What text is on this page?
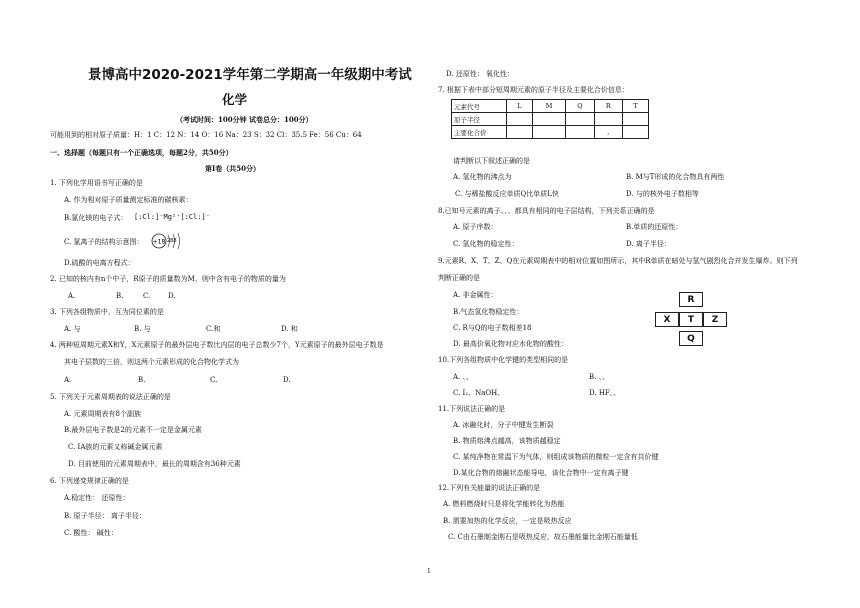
景博高中2020-2021学年第二学期高一年级期中考试
化学
（考试时间：100分钟 试卷总分：100分）
可能用到的相对原子质量：H：1 C：12 N：14 O：16 Na：23 S：32 Cl：35.5 Fe：56 Cu：64
一、选择题（每题只有一个正确选项，每题2分，共50分）
第Ⅰ卷（共50分）
1. 下列化学用语书写正确的是
A. 作为相对原子质量测定标准的碳核素：
B.氯化镁的电子式： [:Cl:]⁻Mg²⁺[:Cl:]⁻
C. 氯离子的结构示意图： +18 288
D.硫酸的电离方程式：
2. 已知的核内有n个中子，R原子的质量数为M，则中含有电子的物质的量为
A.	B.	C.	D.
3. 下列各组物质中，互为同位素的是
A. 与	B. 与	C.和	D. 和
4. 两种短周期元素X和Y，X元素原子的最外层电子数比内层的电子总数少7个，Y元素原子的最外层电子数是
其电子层数的三倍，则这两个元素形成的化合物化学式为
A.	B.	C.	D.
5. 下列关于元素周期表的说法正确的是
A. 元素周期表有8个副族
B.最外层电子数是2的元素不一定是金属元素
C. ⅠA族的元素又称碱金属元素
D. 目前使用的元素周期表中，最长的周期含有36种元素
6. 下列递变规律正确的是
A.稳定性： 还原性：
B. 原子半径： 离子半径：
C. 酸性： 碱性：
D. 还原性： 氧化性：
7. 根据下表中部分短周期元素的原子半径及主要化合价信息：
元素代号	L	M	Q	R	T
原子半径					
主要化合价				,	
请判断以下叙述正确的是
A. 氢化物的沸点为	B. M与T形成的化合物具有两性
C. 与稀盐酸反应单质Q比单质L快	D. 与的核外电子数相等
8.已知号元素的离子、、、都具有相同的电子层结构，下列关系正确的是
A. 原子序数：	B.单质的还原性：
C. 氢化物的稳定性：	D. 离子半径：
9.元素R、X、T、Z、Q在元素周期表中的相对位置如图所示，其中R单质在暗处与氢气剧烈化合并发生爆炸。则下列
判断正确的是
A. 非金属性：
B.气态氢化物稳定性：
C. R与Q的电子数相差18
D. 最高价氧化物对应水化物的酸性：
R
X	T	Z
Q
10.下列各组物质中化学键的类型相同的是
A. 、、	B. 、、
C. I₂、NaOH、	D. HF、、
11.下列说法正确的是
A. 冰融化时，分子中键发生断裂
B. 物质熔沸点越高，该物质越稳定
C. 某纯净物在常温下为气体，则组成该物质的微粒一定含有共价键
D.某化合物的熔融状态能导电，该化合物中一定有离子键
12.下列有关能量的说法正确的是
A. 燃料燃烧时只是将化学能转化为热能
B. 需要加热的化学反应，一定是吸热反应
C. C由石墨制金刚石是吸热反应，故石墨能量比金刚石能量低
1
